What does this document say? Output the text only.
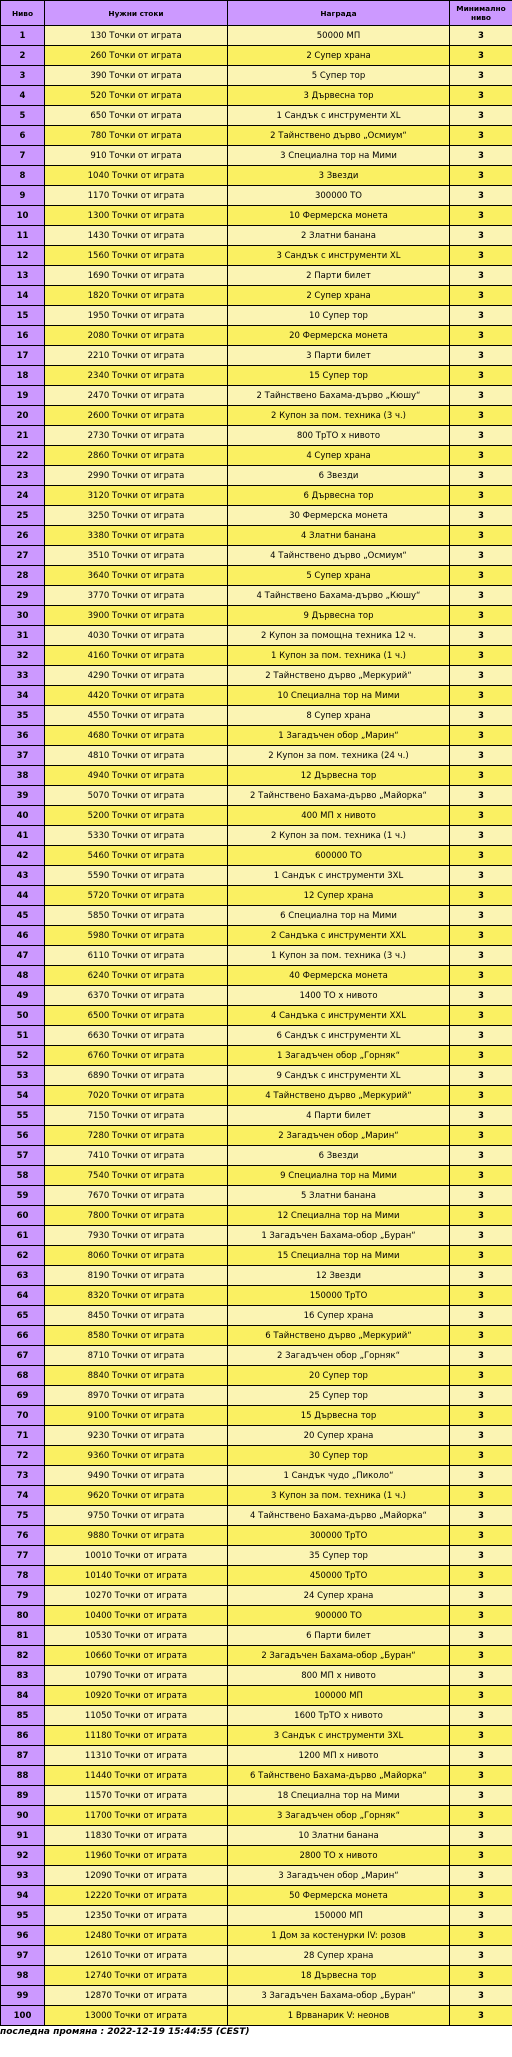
Ниво	Нужни стоки	Награда	Минимално ниво
1	130 Точки от играта	50000 МП	3
2	260 Точки от играта	2 Супер храна	3
3	390 Точки от играта	5 Супер тор	3
4	520 Точки от играта	3 Дървесна тор	3
5	650 Точки от играта	1 Сандък с инструменти XL	3
6	780 Точки от играта	2 Тайнствено дърво „Осмиум“	3
7	910 Точки от играта	3 Специална тор на Мими	3
8	1040 Точки от играта	3 Звезди	3
9	1170 Точки от играта	300000 ТО	3
10	1300 Точки от играта	10 Фермерска монета	3
11	1430 Точки от играта	2 Златни банана	3
12	1560 Точки от играта	3 Сандък с инструменти XL	3
13	1690 Точки от играта	2 Парти билет	3
14	1820 Точки от играта	2 Супер храна	3
15	1950 Точки от играта	10 Супер тор	3
16	2080 Точки от играта	20 Фермерска монета	3
17	2210 Точки от играта	3 Парти билет	3
18	2340 Точки от играта	15 Супер тор	3
19	2470 Точки от играта	2 Тайнствено Бахама-дърво „Кюшу“	3
20	2600 Точки от играта	2 Купон за пом. техника (3 ч.)	3
21	2730 Точки от играта	800 ТрТО x нивото	3
22	2860 Точки от играта	4 Супер храна	3
23	2990 Точки от играта	6 Звезди	3
24	3120 Точки от играта	6 Дървесна тор	3
25	3250 Точки от играта	30 Фермерска монета	3
26	3380 Точки от играта	4 Златни банана	3
27	3510 Точки от играта	4 Тайнствено дърво „Осмиум“	3
28	3640 Точки от играта	5 Супер храна	3
29	3770 Точки от играта	4 Тайнствено Бахама-дърво „Кюшу“	3
30	3900 Точки от играта	9 Дървесна тор	3
31	4030 Точки от играта	2 Купон за помощна техника 12 ч.	3
32	4160 Точки от играта	1 Купон за пом. техника (1 ч.)	3
33	4290 Точки от играта	2 Тайнствено дърво „Меркурий“	3
34	4420 Точки от играта	10 Специална тор на Мими	3
35	4550 Точки от играта	8 Супер храна	3
36	4680 Точки от играта	1 Загадъчен обор „Марин“	3
37	4810 Точки от играта	2 Купон за пом. техника (24 ч.)	3
38	4940 Точки от играта	12 Дървесна тор	3
39	5070 Точки от играта	2 Тайнствено Бахама-дърво „Майорка“	3
40	5200 Точки от играта	400 МП x нивото	3
41	5330 Точки от играта	2 Купон за пом. техника (1 ч.)	3
42	5460 Точки от играта	600000 ТО	3
43	5590 Точки от играта	1 Сандък с инструменти 3XL	3
44	5720 Точки от играта	12 Супер храна	3
45	5850 Точки от играта	6 Специална тор на Мими	3
46	5980 Точки от играта	2 Сандъка с инструменти XXL	3
47	6110 Точки от играта	1 Купон за пом. техника (3 ч.)	3
48	6240 Точки от играта	40 Фермерска монета	3
49	6370 Точки от играта	1400 ТО x нивото	3
50	6500 Точки от играта	4 Сандъка с инструменти XXL	3
51	6630 Точки от играта	6 Сандък с инструменти XL	3
52	6760 Точки от играта	1 Загадъчен обор „Горняк“	3
53	6890 Точки от играта	9 Сандък с инструменти XL	3
54	7020 Точки от играта	4 Тайнствено дърво „Меркурий“	3
55	7150 Точки от играта	4 Парти билет	3
56	7280 Точки от играта	2 Загадъчен обор „Марин“	3
57	7410 Точки от играта	6 Звезди	3
58	7540 Точки от играта	9 Специална тор на Мими	3
59	7670 Точки от играта	5 Златни банана	3
60	7800 Точки от играта	12 Специална тор на Мими	3
61	7930 Точки от играта	1 Загадъчен Бахама-обор „Буран“	3
62	8060 Точки от играта	15 Специална тор на Мими	3
63	8190 Точки от играта	12 Звезди	3
64	8320 Точки от играта	150000 ТрТО	3
65	8450 Точки от играта	16 Супер храна	3
66	8580 Точки от играта	6 Тайнствено дърво „Меркурий“	3
67	8710 Точки от играта	2 Загадъчен обор „Горняк“	3
68	8840 Точки от играта	20 Супер тор	3
69	8970 Точки от играта	25 Супер тор	3
70	9100 Точки от играта	15 Дървесна тор	3
71	9230 Точки от играта	20 Супер храна	3
72	9360 Точки от играта	30 Супер тор	3
73	9490 Точки от играта	1 Сандък чудо „Пиколо“	3
74	9620 Точки от играта	3 Купон за пом. техника (1 ч.)	3
75	9750 Точки от играта	4 Тайнствено Бахама-дърво „Майорка“	3
76	9880 Точки от играта	300000 ТрТО	3
77	10010 Точки от играта	35 Супер тор	3
78	10140 Точки от играта	450000 ТрТО	3
79	10270 Точки от играта	24 Супер храна	3
80	10400 Точки от играта	900000 ТО	3
81	10530 Точки от играта	6 Парти билет	3
82	10660 Точки от играта	2 Загадъчен Бахама-обор „Буран“	3
83	10790 Точки от играта	800 МП x нивото	3
84	10920 Точки от играта	100000 МП	3
85	11050 Точки от играта	1600 ТрТО x нивото	3
86	11180 Точки от играта	3 Сандък с инструменти 3XL	3
87	11310 Точки от играта	1200 МП x нивото	3
88	11440 Точки от играта	6 Тайнствено Бахама-дърво „Майорка“	3
89	11570 Точки от играта	18 Специална тор на Мими	3
90	11700 Точки от играта	3 Загадъчен обор „Горняк“	3
91	11830 Точки от играта	10 Златни банана	3
92	11960 Точки от играта	2800 ТО x нивото	3
93	12090 Точки от играта	3 Загадъчен обор „Марин“	3
94	12220 Точки от играта	50 Фермерска монета	3
95	12350 Точки от играта	150000 МП	3
96	12480 Точки от играта	1 Дом за костенурки IV: розов	3
97	12610 Точки от играта	28 Супер храна	3
98	12740 Точки от играта	18 Дървесна тор	3
99	12870 Точки от играта	3 Загадъчен Бахама-обор „Буран“	3
100	13000 Точки от играта	1 Врванарик V: неонов	3
последна промяна : 2022-12-19 15:44:55 (CEST)
